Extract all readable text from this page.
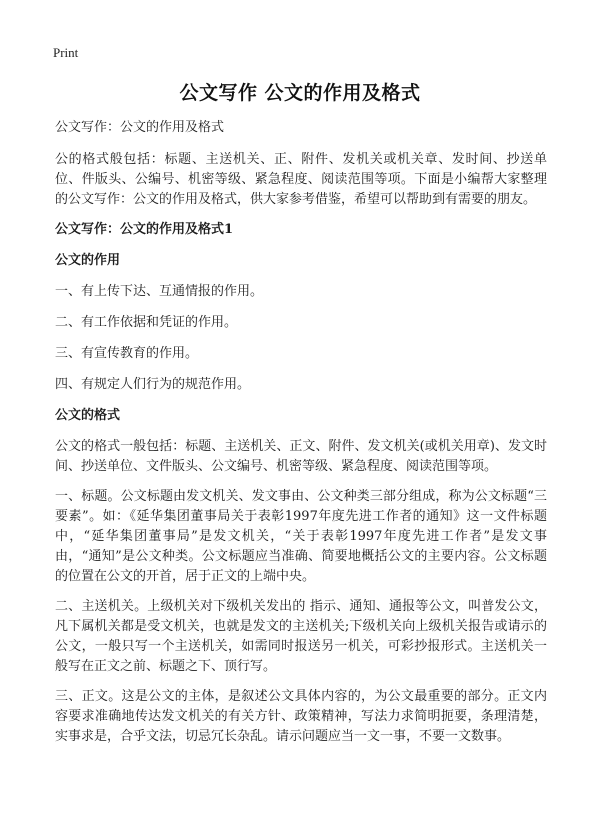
Print
公文写作 公文的作用及格式

公文写作：公文的作用及格式

公的格式般包括：标题、主送机关、正、附件、发机关或机关章、发时间、抄送单位、件版头、公编号、机密等级、紧急程度、阅读范围等项。下面是小编帮大家整理的公文写作：公文的作用及格式，供大家参考借鉴，希望可以帮助到有需要的朋友。

公文写作：公文的作用及格式1

公文的作用

一、有上传下达、互通情报的作用。

二、有工作依据和凭证的作用。

三、有宣传教育的作用。

四、有规定人们行为的规范作用。

公文的格式

公文的格式一般包括：标题、主送机关、正文、附件、发文机关(或机关用章)、发文时间、抄送单位、文件版头、公文编号、机密等级、紧急程度、阅读范围等项。

一、标题。公文标题由发文机关、发文事由、公文种类三部分组成，称为公文标题“三要素”。如：《延华集团董事局关于表彰1997年度先进工作者的通知》这一文件标题中，“延华集团董事局”是发文机关，“关于表彰1997年度先进工作者”是发文事由，“通知”是公文种类。公文标题应当准确、简要地概括公文的主要内容。公文标题的位置在公文的开首，居于正文的上端中央。

二、主送机关。上级机关对下级机关发出的 指示、通知、通报等公文，叫普发公文，凡下属机关都是受文机关，也就是发文的主送机关;下级机关向上级机关报告或请示的公文，一般只写一个主送机关，如需同时报送另一机关，可彩抄报形式。主送机关一般写在正文之前、标题之下、顶行写。

三、正文。这是公文的主体，是叙述公文具体内容的，为公文最重要的部分。正文内容要求准确地传达发文机关的有关方针、政策精神，写法力求简明扼要，条理清楚，实事求是，合乎文法，切忌冗长杂乱。请示问题应当一文一事，不要一文数事。
